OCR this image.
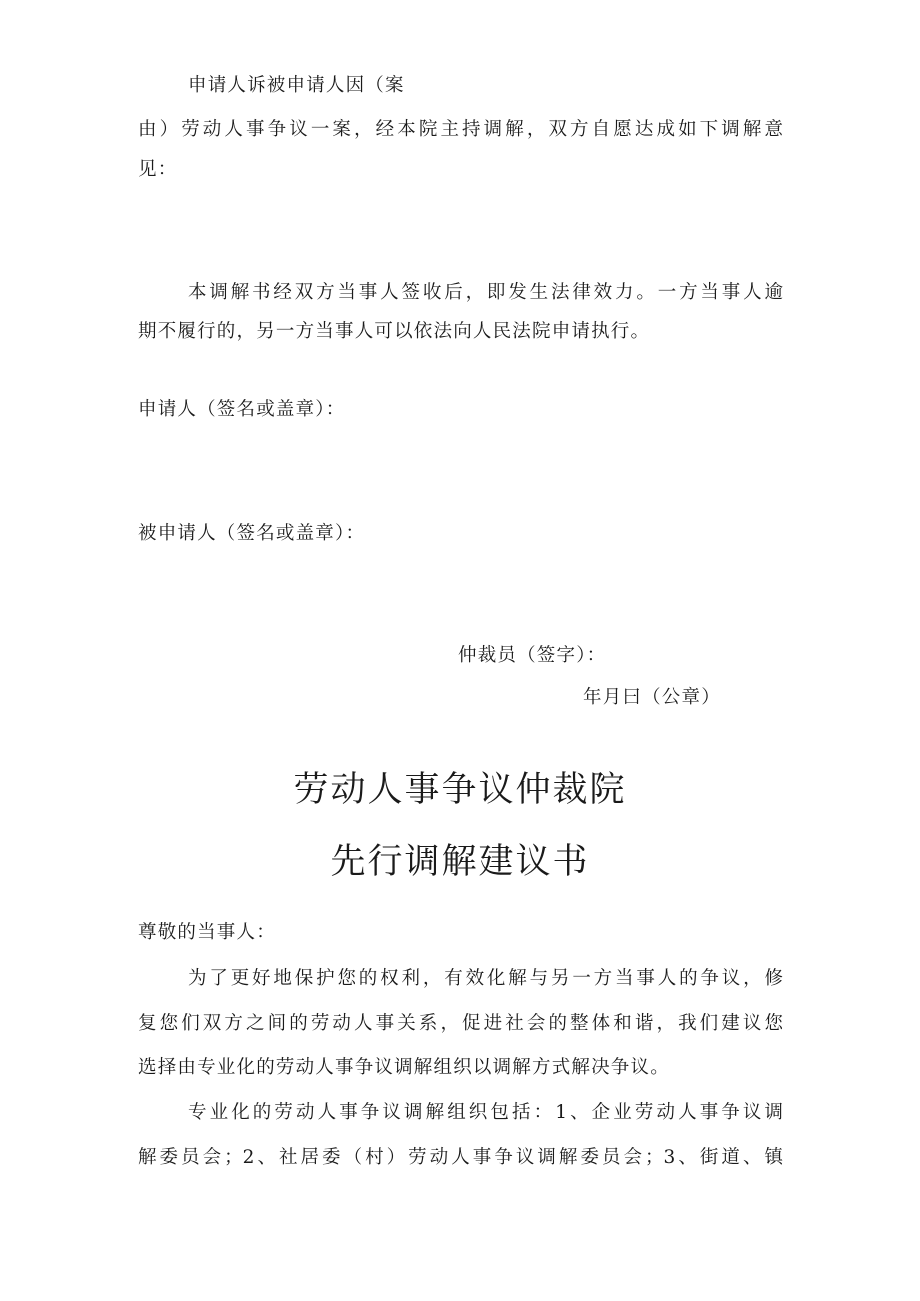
申请人诉被申请人因（案
由）劳动人事争议一案，经本院主持调解，双方自愿达成如下调解意
见：
本调解书经双方当事人签收后，即发生法律效力。一方当事人逾
期不履行的，另一方当事人可以依法向人民法院申请执行。
申请人（签名或盖章）：
被申请人（签名或盖章）：
仲裁员（签字）：
年月曰（公章）
劳动人事争议仲裁院
先行调解建议书
尊敬的当事人：
为了更好地保护您的权利，有效化解与另一方当事人的争议，修
复您们双方之间的劳动人事关系，促进社会的整体和谐，我们建议您
选择由专业化的劳动人事争议调解组织以调解方式解决争议。
专业化的劳动人事争议调解组织包括：1、企业劳动人事争议调
解委员会；2、社居委（村）劳动人事争议调解委员会；3、街道、镇
